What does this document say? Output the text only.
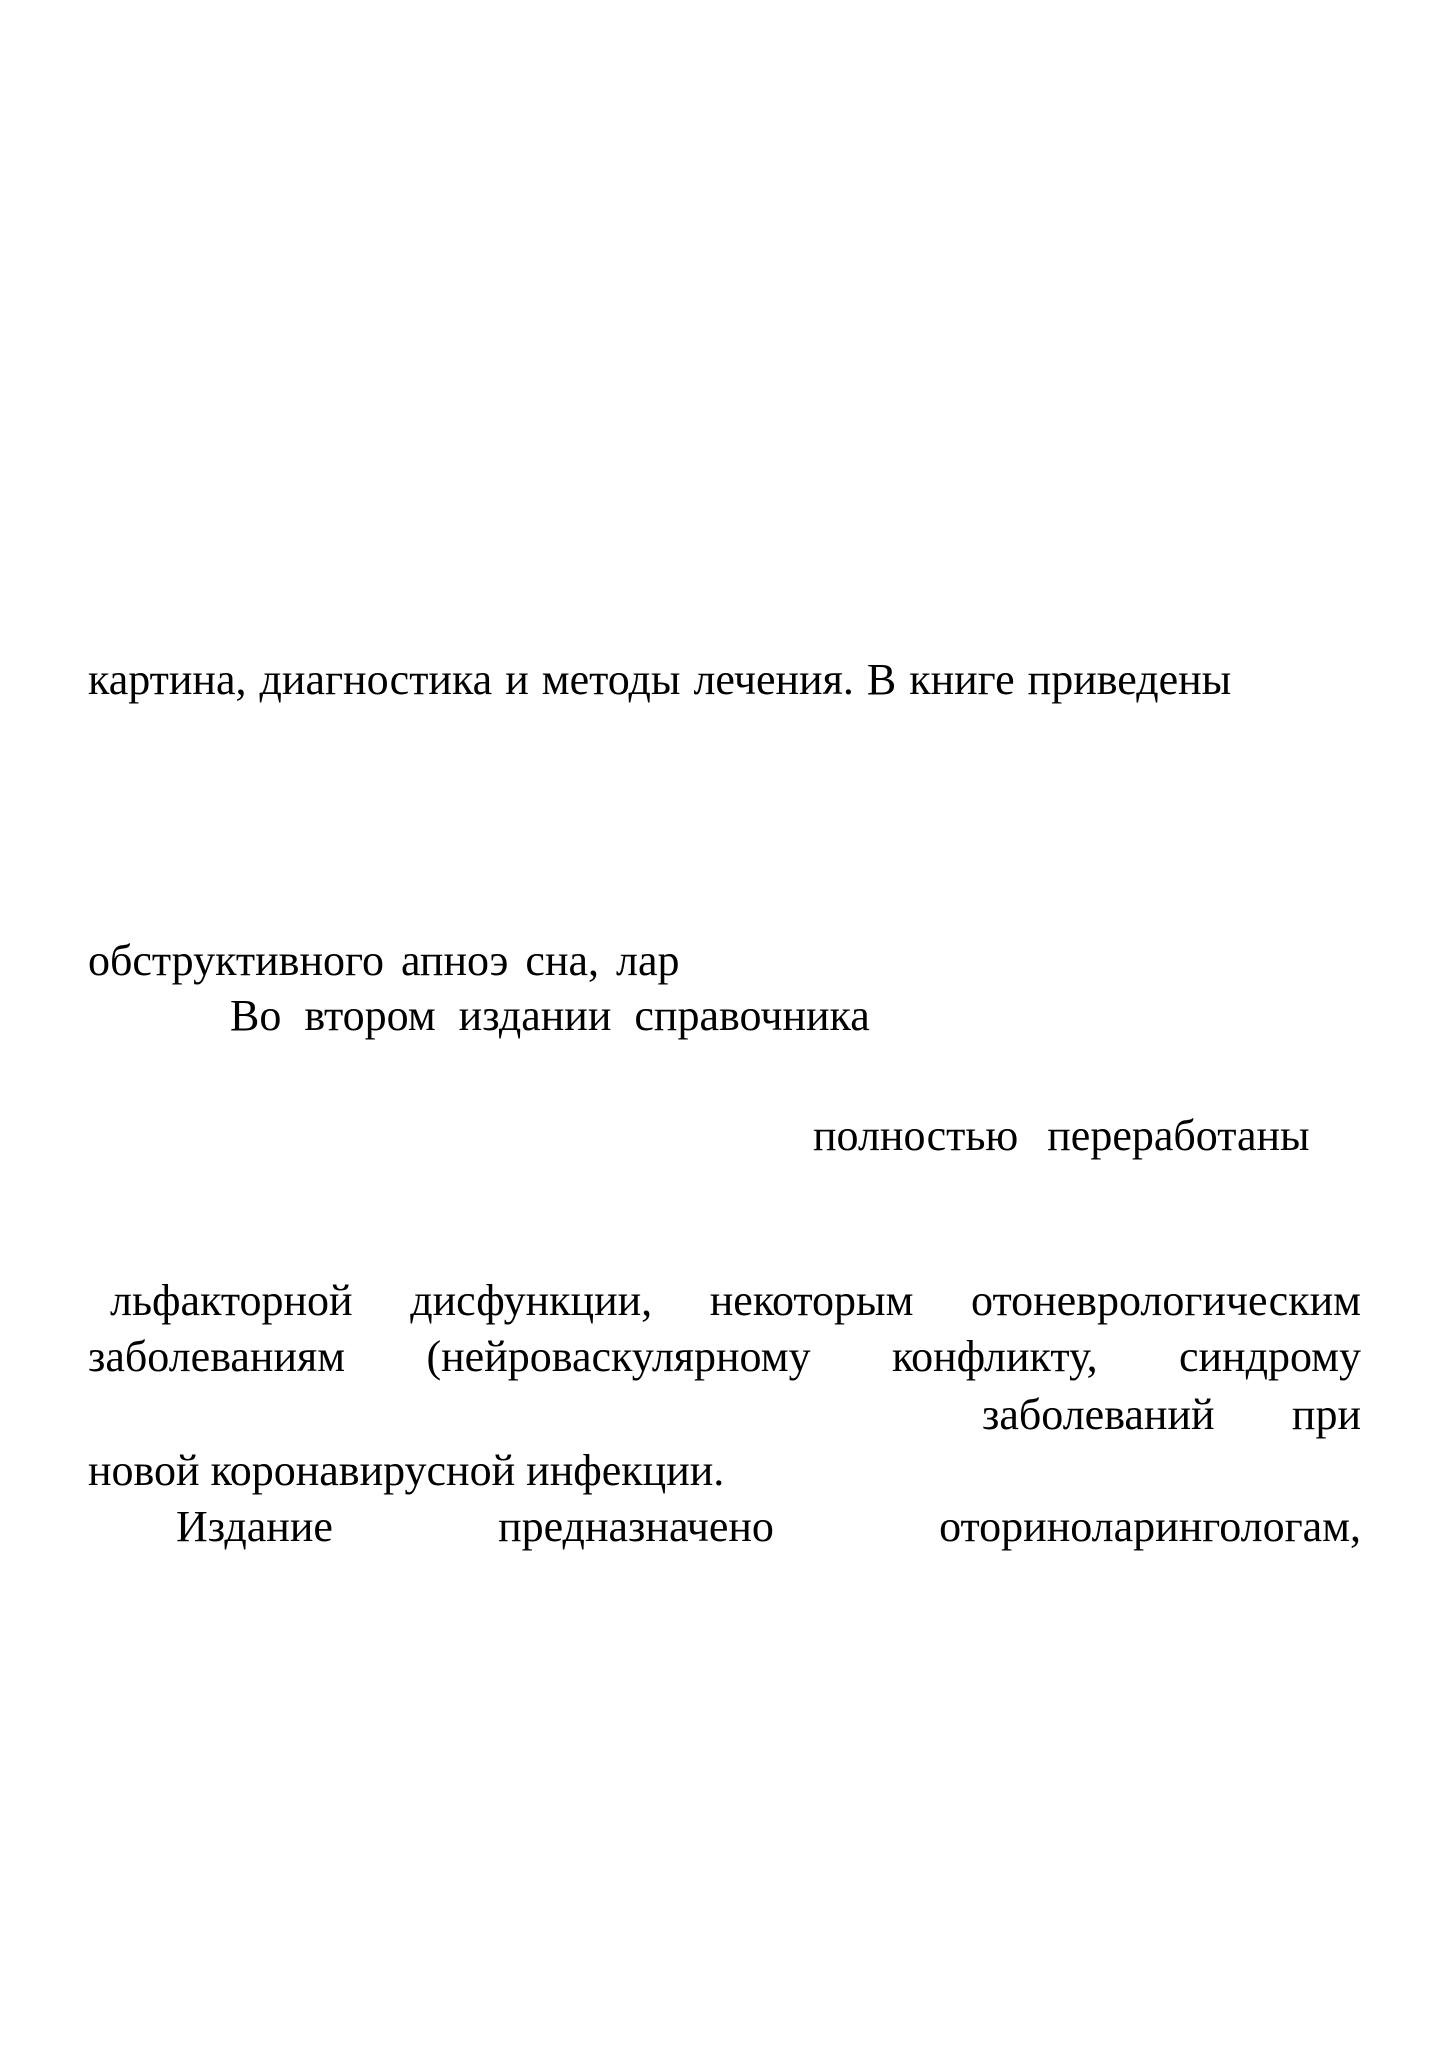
картина, диагностика и методы лечения. В книге приведены

обструктивного апноэ сна, лар

Во втором издании справочника

полностью переработаны

льфакторной дисфункции, некоторым отоневрологическим
заболеваниям (нейроваскулярному конфликту, синдрому
заболеваний при

новой коронавирусной инфекции.

Издание	предназначено	оториноларингологам,
